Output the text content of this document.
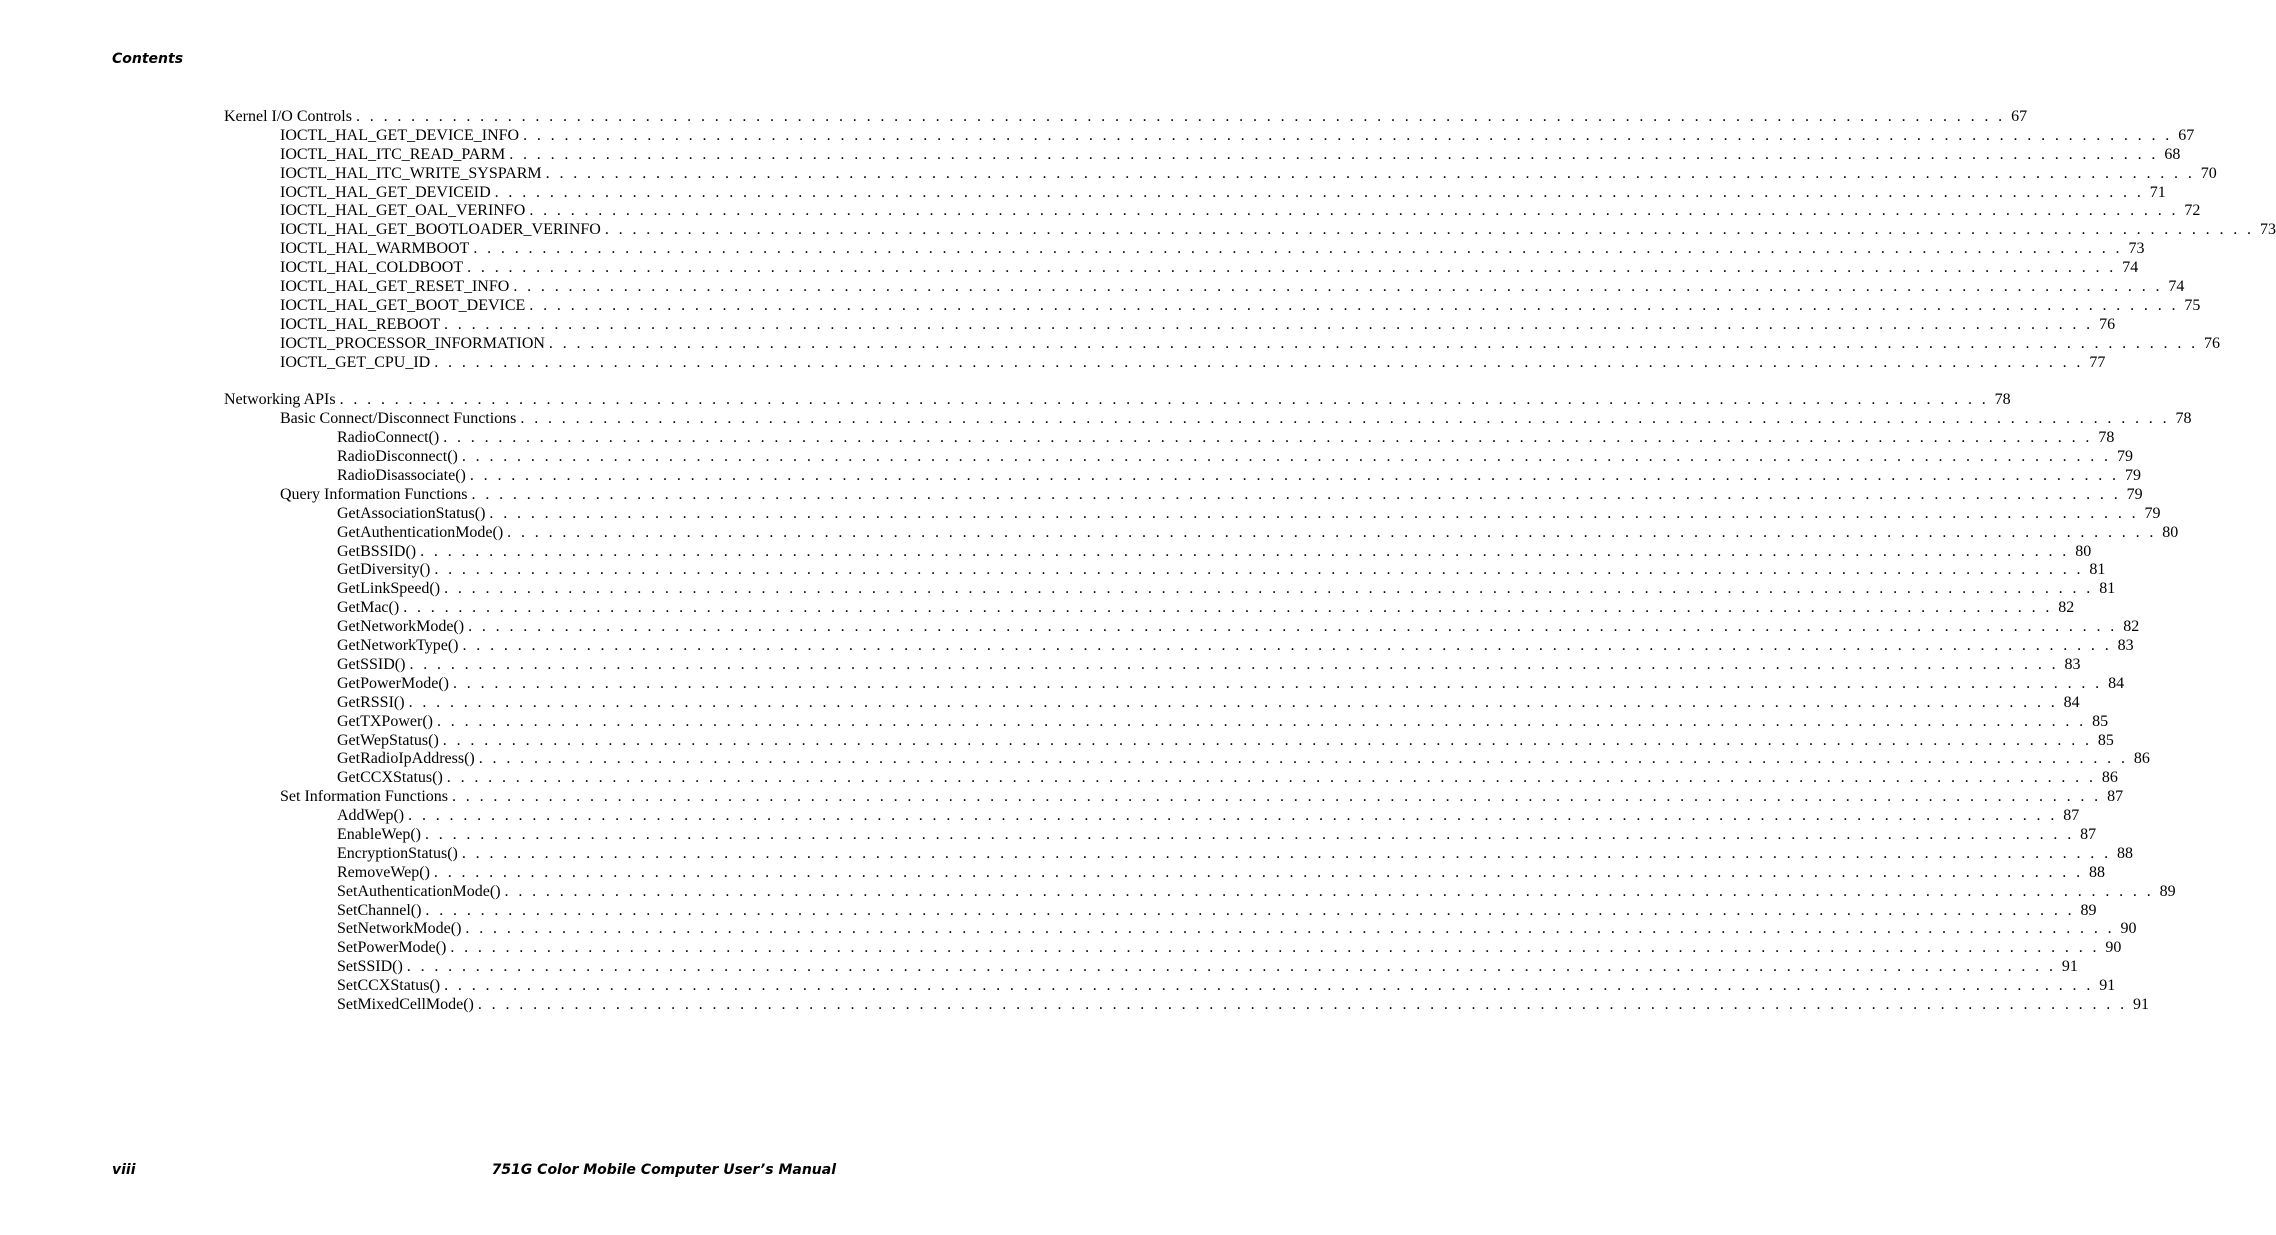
Contents
Kernel I/O Controls . . . . . . . . . . . . . . . . . . . . . . . . . . . . . . . . . . . . . . . . . . . . . . . . . . . . . . . . . . . . . . . . . . . . . . . . . . . . . . . . . . . . . . . . . . . . . . . . . . . . . . . . . . . . . . . . . . . . . . . . 67
IOCTL_HAL_GET_DEVICE_INFO . . . . . . . . . . . . . . . . . . . . . . . . . . . . . . . . . . . . . . . . . . . . . . . . . . . . . . . . . . . . . . . . . . . . . . . . . . . . . . . . . . . . . . . . . . . . . . . . . . . . . . . . . . . . . . . . . . . . . . . . 67
IOCTL_HAL_ITC_READ_PARM . . . . . . . . . . . . . . . . . . . . . . . . . . . . . . . . . . . . . . . . . . . . . . . . . . . . . . . . . . . . . . . . . . . . . . . . . . . . . . . . . . . . . . . . . . . . . . . . . . . . . . . . . . . . . . . . . . . . . . . . 68
IOCTL_HAL_ITC_WRITE_SYSPARM . . . . . . . . . . . . . . . . . . . . . . . . . . . . . . . . . . . . . . . . . . . . . . . . . . . . . . . . . . . . . . . . . . . . . . . . . . . . . . . . . . . . . . . . . . . . . . . . . . . . . . . . . . . . . . . . . . . . . . . . 70
IOCTL_HAL_GET_DEVICEID . . . . . . . . . . . . . . . . . . . . . . . . . . . . . . . . . . . . . . . . . . . . . . . . . . . . . . . . . . . . . . . . . . . . . . . . . . . . . . . . . . . . . . . . . . . . . . . . . . . . . . . . . . . . . . . . . . . . . . . . 71
IOCTL_HAL_GET_OAL_VERINFO . . . . . . . . . . . . . . . . . . . . . . . . . . . . . . . . . . . . . . . . . . . . . . . . . . . . . . . . . . . . . . . . . . . . . . . . . . . . . . . . . . . . . . . . . . . . . . . . . . . . . . . . . . . . . . . . . . . . . . . . 72
IOCTL_HAL_GET_BOOTLOADER_VERINFO . . . . . . . . . . . . . . . . . . . . . . . . . . . . . . . . . . . . . . . . . . . . . . . . . . . . . . . . . . . . . . . . . . . . . . . . . . . . . . . . . . . . . . . . . . . . . . . . . . . . . . . . . . . . . . . . . . . . . . . . 73
IOCTL_HAL_WARMBOOT . . . . . . . . . . . . . . . . . . . . . . . . . . . . . . . . . . . . . . . . . . . . . . . . . . . . . . . . . . . . . . . . . . . . . . . . . . . . . . . . . . . . . . . . . . . . . . . . . . . . . . . . . . . . . . . . . . . . . . . . 73
IOCTL_HAL_COLDBOOT . . . . . . . . . . . . . . . . . . . . . . . . . . . . . . . . . . . . . . . . . . . . . . . . . . . . . . . . . . . . . . . . . . . . . . . . . . . . . . . . . . . . . . . . . . . . . . . . . . . . . . . . . . . . . . . . . . . . . . . . 74
IOCTL_HAL_GET_RESET_INFO . . . . . . . . . . . . . . . . . . . . . . . . . . . . . . . . . . . . . . . . . . . . . . . . . . . . . . . . . . . . . . . . . . . . . . . . . . . . . . . . . . . . . . . . . . . . . . . . . . . . . . . . . . . . . . . . . . . . . . . . 74
IOCTL_HAL_GET_BOOT_DEVICE . . . . . . . . . . . . . . . . . . . . . . . . . . . . . . . . . . . . . . . . . . . . . . . . . . . . . . . . . . . . . . . . . . . . . . . . . . . . . . . . . . . . . . . . . . . . . . . . . . . . . . . . . . . . . . . . . . . . . . . . 75
IOCTL_HAL_REBOOT . . . . . . . . . . . . . . . . . . . . . . . . . . . . . . . . . . . . . . . . . . . . . . . . . . . . . . . . . . . . . . . . . . . . . . . . . . . . . . . . . . . . . . . . . . . . . . . . . . . . . . . . . . . . . . . . . . . . . . . . 76
IOCTL_PROCESSOR_INFORMATION . . . . . . . . . . . . . . . . . . . . . . . . . . . . . . . . . . . . . . . . . . . . . . . . . . . . . . . . . . . . . . . . . . . . . . . . . . . . . . . . . . . . . . . . . . . . . . . . . . . . . . . . . . . . . . . . . . . . . . . . 76
IOCTL_GET_CPU_ID . . . . . . . . . . . . . . . . . . . . . . . . . . . . . . . . . . . . . . . . . . . . . . . . . . . . . . . . . . . . . . . . . . . . . . . . . . . . . . . . . . . . . . . . . . . . . . . . . . . . . . . . . . . . . . . . . . . . . . . . 77
Networking APIs . . . . . . . . . . . . . . . . . . . . . . . . . . . . . . . . . . . . . . . . . . . . . . . . . . . . . . . . . . . . . . . . . . . . . . . . . . . . . . . . . . . . . . . . . . . . . . . . . . . . . . . . . . . . . . . . . . . . . . . . 78
Basic Connect/Disconnect Functions . . . . . . . . . . . . . . . . . . . . . . . . . . . . . . . . . . . . . . . . . . . . . . . . . . . . . . . . . . . . . . . . . . . . . . . . . . . . . . . . . . . . . . . . . . . . . . . . . . . . . . . . . . . . . . . . . . . . . . . . 78
RadioConnect() . . . . . . . . . . . . . . . . . . . . . . . . . . . . . . . . . . . . . . . . . . . . . . . . . . . . . . . . . . . . . . . . . . . . . . . . . . . . . . . . . . . . . . . . . . . . . . . . . . . . . . . . . . . . . . . . . . . . . . . . 78
RadioDisconnect() . . . . . . . . . . . . . . . . . . . . . . . . . . . . . . . . . . . . . . . . . . . . . . . . . . . . . . . . . . . . . . . . . . . . . . . . . . . . . . . . . . . . . . . . . . . . . . . . . . . . . . . . . . . . . . . . . . . . . . . . 79
RadioDisassociate() . . . . . . . . . . . . . . . . . . . . . . . . . . . . . . . . . . . . . . . . . . . . . . . . . . . . . . . . . . . . . . . . . . . . . . . . . . . . . . . . . . . . . . . . . . . . . . . . . . . . . . . . . . . . . . . . . . . . . . . . 79
Query Information Functions . . . . . . . . . . . . . . . . . . . . . . . . . . . . . . . . . . . . . . . . . . . . . . . . . . . . . . . . . . . . . . . . . . . . . . . . . . . . . . . . . . . . . . . . . . . . . . . . . . . . . . . . . . . . . . . . . . . . . . . . 79
GetAssociationStatus() . . . . . . . . . . . . . . . . . . . . . . . . . . . . . . . . . . . . . . . . . . . . . . . . . . . . . . . . . . . . . . . . . . . . . . . . . . . . . . . . . . . . . . . . . . . . . . . . . . . . . . . . . . . . . . . . . . . . . . . . 79
GetAuthenticationMode() . . . . . . . . . . . . . . . . . . . . . . . . . . . . . . . . . . . . . . . . . . . . . . . . . . . . . . . . . . . . . . . . . . . . . . . . . . . . . . . . . . . . . . . . . . . . . . . . . . . . . . . . . . . . . . . . . . . . . . . . 80
GetBSSID() . . . . . . . . . . . . . . . . . . . . . . . . . . . . . . . . . . . . . . . . . . . . . . . . . . . . . . . . . . . . . . . . . . . . . . . . . . . . . . . . . . . . . . . . . . . . . . . . . . . . . . . . . . . . . . . . . . . . . . . . 80
GetDiversity() . . . . . . . . . . . . . . . . . . . . . . . . . . . . . . . . . . . . . . . . . . . . . . . . . . . . . . . . . . . . . . . . . . . . . . . . . . . . . . . . . . . . . . . . . . . . . . . . . . . . . . . . . . . . . . . . . . . . . . . . 81
GetLinkSpeed() . . . . . . . . . . . . . . . . . . . . . . . . . . . . . . . . . . . . . . . . . . . . . . . . . . . . . . . . . . . . . . . . . . . . . . . . . . . . . . . . . . . . . . . . . . . . . . . . . . . . . . . . . . . . . . . . . . . . . . . . 81
GetMac() . . . . . . . . . . . . . . . . . . . . . . . . . . . . . . . . . . . . . . . . . . . . . . . . . . . . . . . . . . . . . . . . . . . . . . . . . . . . . . . . . . . . . . . . . . . . . . . . . . . . . . . . . . . . . . . . . . . . . . . . 82
GetNetworkMode() . . . . . . . . . . . . . . . . . . . . . . . . . . . . . . . . . . . . . . . . . . . . . . . . . . . . . . . . . . . . . . . . . . . . . . . . . . . . . . . . . . . . . . . . . . . . . . . . . . . . . . . . . . . . . . . . . . . . . . . . 82
GetNetworkType() . . . . . . . . . . . . . . . . . . . . . . . . . . . . . . . . . . . . . . . . . . . . . . . . . . . . . . . . . . . . . . . . . . . . . . . . . . . . . . . . . . . . . . . . . . . . . . . . . . . . . . . . . . . . . . . . . . . . . . . . 83
GetSSID() . . . . . . . . . . . . . . . . . . . . . . . . . . . . . . . . . . . . . . . . . . . . . . . . . . . . . . . . . . . . . . . . . . . . . . . . . . . . . . . . . . . . . . . . . . . . . . . . . . . . . . . . . . . . . . . . . . . . . . . . 83
GetPowerMode() . . . . . . . . . . . . . . . . . . . . . . . . . . . . . . . . . . . . . . . . . . . . . . . . . . . . . . . . . . . . . . . . . . . . . . . . . . . . . . . . . . . . . . . . . . . . . . . . . . . . . . . . . . . . . . . . . . . . . . . . 84
GetRSSI() . . . . . . . . . . . . . . . . . . . . . . . . . . . . . . . . . . . . . . . . . . . . . . . . . . . . . . . . . . . . . . . . . . . . . . . . . . . . . . . . . . . . . . . . . . . . . . . . . . . . . . . . . . . . . . . . . . . . . . . . 84
GetTXPower() . . . . . . . . . . . . . . . . . . . . . . . . . . . . . . . . . . . . . . . . . . . . . . . . . . . . . . . . . . . . . . . . . . . . . . . . . . . . . . . . . . . . . . . . . . . . . . . . . . . . . . . . . . . . . . . . . . . . . . . . 85
GetWepStatus() . . . . . . . . . . . . . . . . . . . . . . . . . . . . . . . . . . . . . . . . . . . . . . . . . . . . . . . . . . . . . . . . . . . . . . . . . . . . . . . . . . . . . . . . . . . . . . . . . . . . . . . . . . . . . . . . . . . . . . . . 85
GetRadioIpAddress() . . . . . . . . . . . . . . . . . . . . . . . . . . . . . . . . . . . . . . . . . . . . . . . . . . . . . . . . . . . . . . . . . . . . . . . . . . . . . . . . . . . . . . . . . . . . . . . . . . . . . . . . . . . . . . . . . . . . . . . . 86
GetCCXStatus() . . . . . . . . . . . . . . . . . . . . . . . . . . . . . . . . . . . . . . . . . . . . . . . . . . . . . . . . . . . . . . . . . . . . . . . . . . . . . . . . . . . . . . . . . . . . . . . . . . . . . . . . . . . . . . . . . . . . . . . . 86
Set Information Functions . . . . . . . . . . . . . . . . . . . . . . . . . . . . . . . . . . . . . . . . . . . . . . . . . . . . . . . . . . . . . . . . . . . . . . . . . . . . . . . . . . . . . . . . . . . . . . . . . . . . . . . . . . . . . . . . . . . . . . . . 87
AddWep() . . . . . . . . . . . . . . . . . . . . . . . . . . . . . . . . . . . . . . . . . . . . . . . . . . . . . . . . . . . . . . . . . . . . . . . . . . . . . . . . . . . . . . . . . . . . . . . . . . . . . . . . . . . . . . . . . . . . . . . . 87
EnableWep() . . . . . . . . . . . . . . . . . . . . . . . . . . . . . . . . . . . . . . . . . . . . . . . . . . . . . . . . . . . . . . . . . . . . . . . . . . . . . . . . . . . . . . . . . . . . . . . . . . . . . . . . . . . . . . . . . . . . . . . . 87
EncryptionStatus() . . . . . . . . . . . . . . . . . . . . . . . . . . . . . . . . . . . . . . . . . . . . . . . . . . . . . . . . . . . . . . . . . . . . . . . . . . . . . . . . . . . . . . . . . . . . . . . . . . . . . . . . . . . . . . . . . . . . . . . . 88
RemoveWep() . . . . . . . . . . . . . . . . . . . . . . . . . . . . . . . . . . . . . . . . . . . . . . . . . . . . . . . . . . . . . . . . . . . . . . . . . . . . . . . . . . . . . . . . . . . . . . . . . . . . . . . . . . . . . . . . . . . . . . . . 88
SetAuthenticationMode() . . . . . . . . . . . . . . . . . . . . . . . . . . . . . . . . . . . . . . . . . . . . . . . . . . . . . . . . . . . . . . . . . . . . . . . . . . . . . . . . . . . . . . . . . . . . . . . . . . . . . . . . . . . . . . . . . . . . . . . . 89
SetChannel() . . . . . . . . . . . . . . . . . . . . . . . . . . . . . . . . . . . . . . . . . . . . . . . . . . . . . . . . . . . . . . . . . . . . . . . . . . . . . . . . . . . . . . . . . . . . . . . . . . . . . . . . . . . . . . . . . . . . . . . . 89
SetNetworkMode() . . . . . . . . . . . . . . . . . . . . . . . . . . . . . . . . . . . . . . . . . . . . . . . . . . . . . . . . . . . . . . . . . . . . . . . . . . . . . . . . . . . . . . . . . . . . . . . . . . . . . . . . . . . . . . . . . . . . . . . . 90
SetPowerMode() . . . . . . . . . . . . . . . . . . . . . . . . . . . . . . . . . . . . . . . . . . . . . . . . . . . . . . . . . . . . . . . . . . . . . . . . . . . . . . . . . . . . . . . . . . . . . . . . . . . . . . . . . . . . . . . . . . . . . . . . 90
SetSSID() . . . . . . . . . . . . . . . . . . . . . . . . . . . . . . . . . . . . . . . . . . . . . . . . . . . . . . . . . . . . . . . . . . . . . . . . . . . . . . . . . . . . . . . . . . . . . . . . . . . . . . . . . . . . . . . . . . . . . . . . 91
SetCCXStatus() . . . . . . . . . . . . . . . . . . . . . . . . . . . . . . . . . . . . . . . . . . . . . . . . . . . . . . . . . . . . . . . . . . . . . . . . . . . . . . . . . . . . . . . . . . . . . . . . . . . . . . . . . . . . . . . . . . . . . . . . 91
SetMixedCellMode() . . . . . . . . . . . . . . . . . . . . . . . . . . . . . . . . . . . . . . . . . . . . . . . . . . . . . . . . . . . . . . . . . . . . . . . . . . . . . . . . . . . . . . . . . . . . . . . . . . . . . . . . . . . . . . . . . . . . . . . . 91
viii	751G Color Mobile Computer User’s Manual
